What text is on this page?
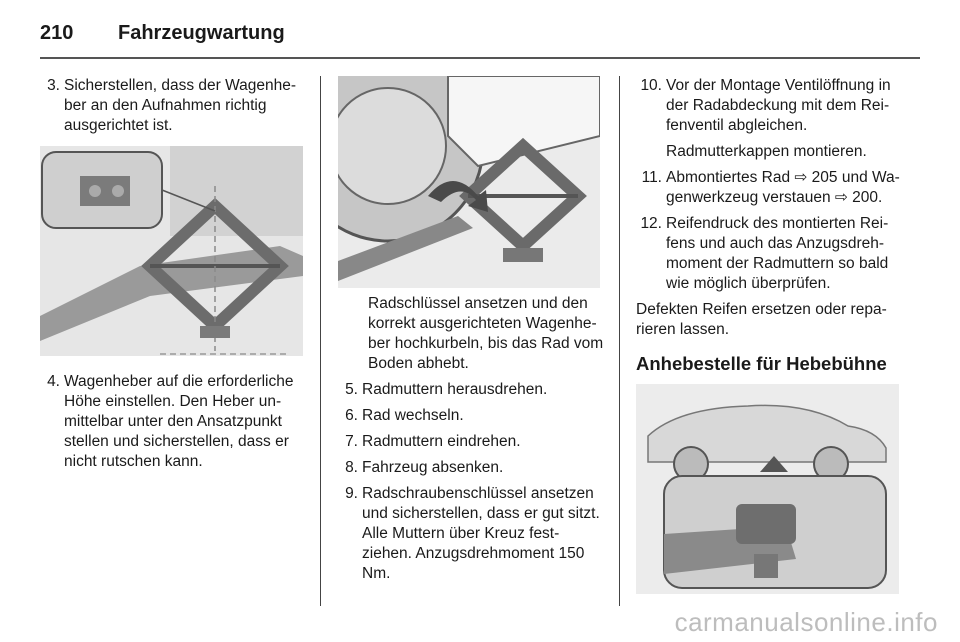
210 Fahrzeugwartung

3. Sicherstellen, dass der Wagenheber an den Aufnahmen richtig ausgerichtet ist.

4. Wagenheber auf die erforderliche Höhe einstellen. Den Heber unmittelbar unter den Ansatzpunkt stellen und sicherstellen, dass er nicht rutschen kann.

Radschlüssel ansetzen und den korrekt ausgerichteten Wagenheber hochkurbeln, bis das Rad vom Boden abhebt.

5. Radmuttern herausdrehen.

6. Rad wechseln.

7. Radmuttern eindrehen.

8. Fahrzeug absenken.

9. Radschraubenschlüssel ansetzen und sicherstellen, dass er gut sitzt. Alle Muttern über Kreuz festziehen. Anzugsdrehmoment 150 Nm.

10. Vor der Montage Ventilöffnung in der Radabdeckung mit dem Reifenventil abgleichen.

Radmutterkappen montieren.

11. Abmontiertes Rad ⇨ 205 und Wagenwerkzeug verstauen ⇨ 200.

12. Reifendruck des montierten Reifens und auch das Anzugsdrehmoment der Radmuttern so bald wie möglich überprüfen.

Defekten Reifen ersetzen oder reparieren lassen.

Anhebestelle für Hebebühne

carmanualsonline.info
